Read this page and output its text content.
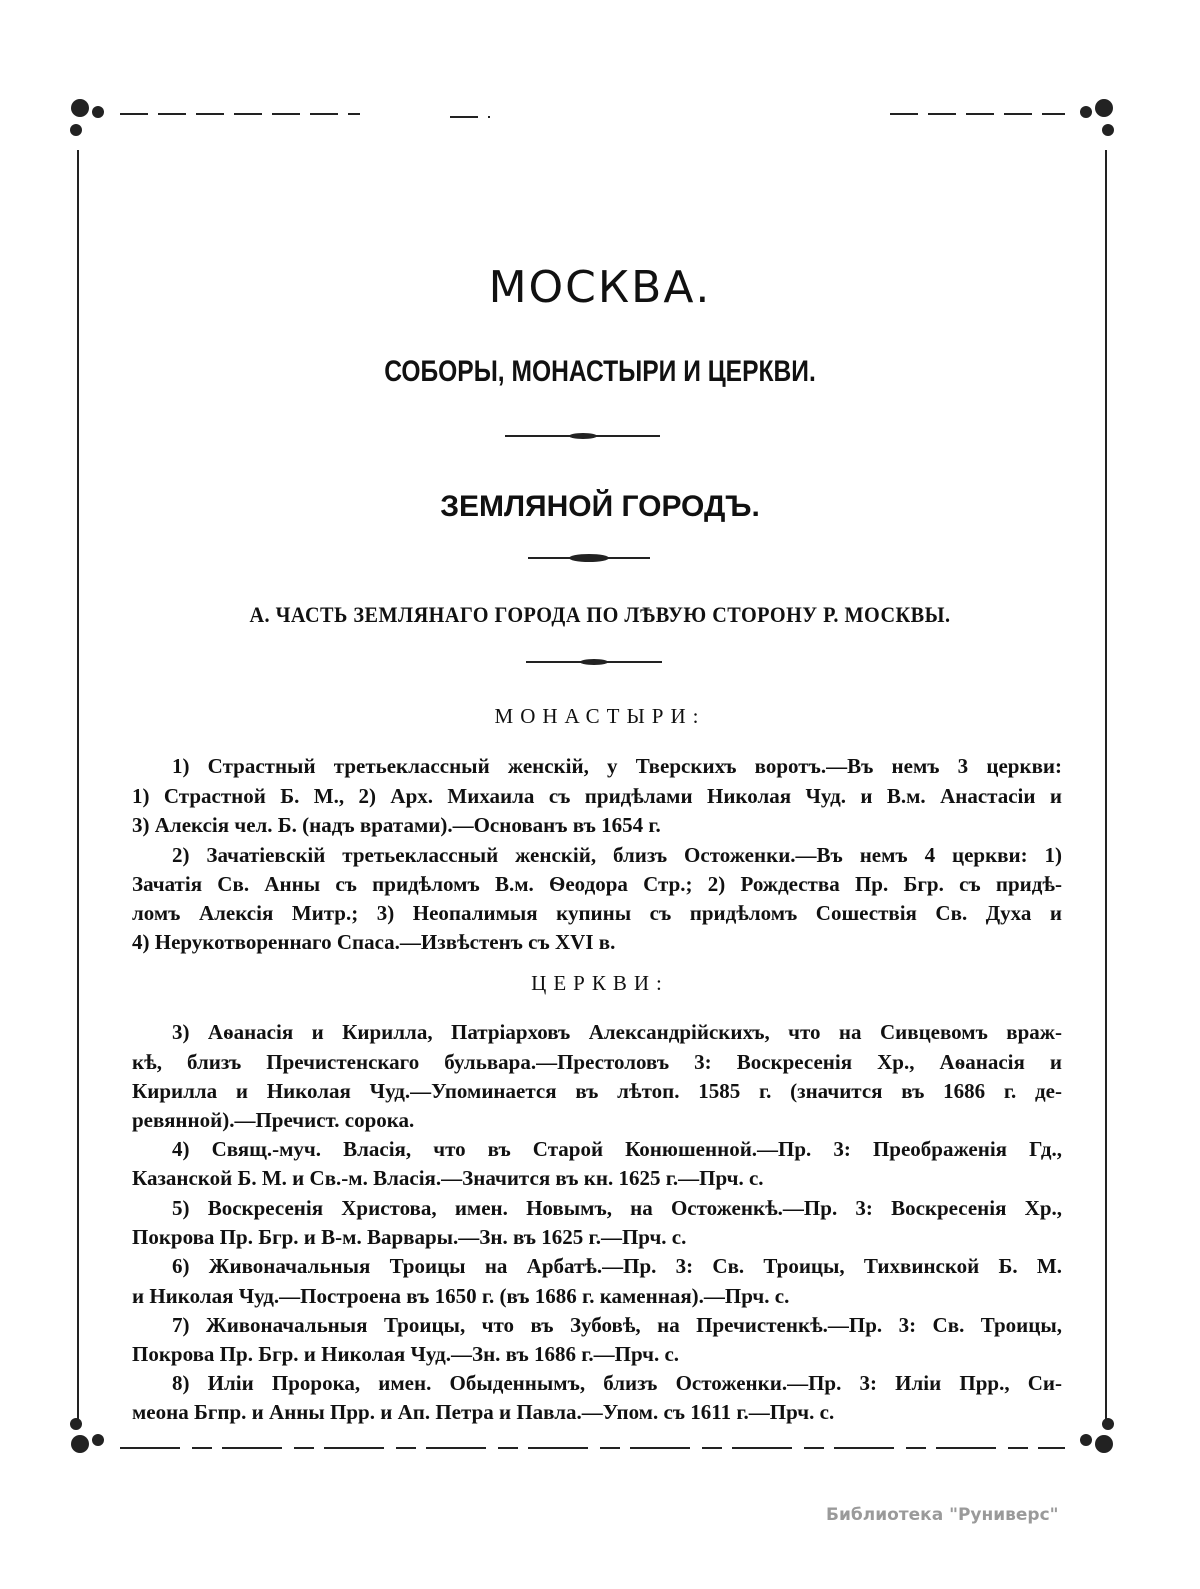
МОСКВА.
СОБОРЫ, МОНАСТЫРИ И ЦЕРКВИ.
ЗЕМЛЯНОЙ ГОРОДЪ.
А. ЧАСТЬ ЗЕМЛЯНАГО ГОРОДА ПО ЛѢВУЮ СТОРОНУ Р. МОСКВЫ.
МОНАСТЫРИ:
1) Страстный третьеклассный женскій, у Тверскихъ воротъ.—Въ немъ 3 церкви:
1) Страстной Б. М., 2) Арх. Михаила съ придѣлами Николая Чуд. и В.м. Анастасіи и
3) Алексія чел. Б. (надъ вратами).—Основанъ въ 1654 г.
2) Зачатіевскій третьеклассный женскій, близъ Остоженки.—Въ немъ 4 церкви: 1)
Зачатія Св. Анны съ придѣломъ В.м. Ѳеодора Стр.; 2) Рождества Пр. Бгр. съ придѣ-
ломъ Алексія Митр.; 3) Неопалимыя купины съ придѣломъ Сошествія Св. Духа и
4) Нерукотвореннаго Спаса.—Извѣстенъ съ XVI в.
ЦЕРКВИ:
3) Аѳанасія и Кирилла, Патріарховъ Александрійскихъ, что на Сивцевомъ враж-
кѣ, близъ Пречистенскаго бульвара.—Престоловъ 3: Воскресенія Хр., Аѳанасія и
Кирилла и Николая Чуд.—Упоминается въ лѣтоп. 1585 г. (значится въ 1686 г. де-
ревянной).—Пречист. сорока.
4) Свящ.-муч. Власія, что въ Старой Конюшенной.—Пр. 3: Преображенія Гд.,
Казанской Б. М. и Св.-м. Власія.—Значится въ кн. 1625 г.—Прч. с.
5) Воскресенія Христова, имен. Новымъ, на Остоженкѣ.—Пр. 3: Воскресенія Хр.,
Покрова Пр. Бгр. и В-м. Варвары.—Зн. въ 1625 г.—Прч. с.
6) Живоначальныя Троицы на Арбатѣ.—Пр. 3: Св. Троицы, Тихвинской Б. М.
и Николая Чуд.—Построена въ 1650 г. (въ 1686 г. каменная).—Прч. с.
7) Живоначальныя Троицы, что въ Зубовѣ, на Пречистенкѣ.—Пр. 3: Св. Троицы,
Покрова Пр. Бгр. и Николая Чуд.—Зн. въ 1686 г.—Прч. с.
8) Иліи Пророка, имен. Обыденнымъ, близъ Остоженки.—Пр. 3: Иліи Прр., Си-
меона Бгпр. и Анны Прр. и Ап. Петра и Павла.—Упом. съ 1611 г.—Прч. с.
Библиотека "Руниверс"
